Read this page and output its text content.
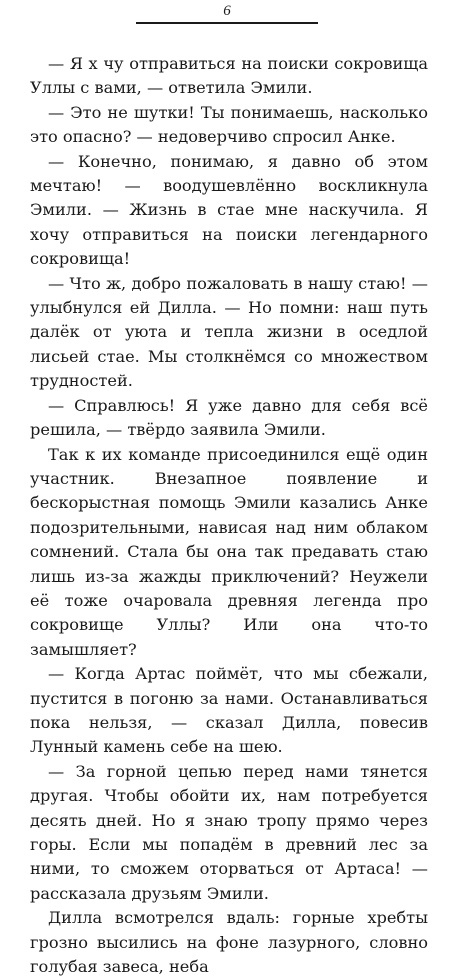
6

— Я х чу отправиться на поиски сокровища Уллы с вами, — ответила Эмили.

— Это не шутки! Ты понимаешь, насколько это опасно? — недоверчиво спросил Анке.

— Конечно, понимаю, я давно об этом мечтаю! — воодушевлённо воскликнула Эмили. — Жизнь в стае мне наскучила. Я хочу отправиться на поиски легендарного сокровища!

— Что ж, добро пожаловать в нашу стаю! — улыбнулся ей Дилла. — Но помни: наш путь далёк от уюта и тепла жизни в оседлой лисьей стае. Мы столкнёмся со множеством трудностей.

— Справлюсь! Я уже давно для себя всё решила, — твёрдо заявила Эмили.

Так к их команде присоединился ещё один участник. Внезапное появление и бескорыстная помощь Эмили казались Анке подозрительными, нависая над ним облаком сомнений. Стала бы она так предавать стаю лишь из-за жажды приключений? Неужели её тоже очаровала древняя легенда про сокровище Уллы? Или она что-то замышляет?

— Когда Артас поймёт, что мы сбежали, пустится в погоню за нами. Останавливаться пока нельзя, — сказал Дилла, повесив Лунный камень себе на шею.

— За горной цепью перед нами тянется другая. Чтобы обойти их, нам потребуется десять дней. Но я знаю тропу прямо через горы. Если мы попадём в древний лес за ними, то сможем оторваться от Артаса! — рассказала друзьям Эмили.

Дилла всмотрелся вдаль: горные хребты грозно высились на фоне лазурного, словно голубая завеса, неба
